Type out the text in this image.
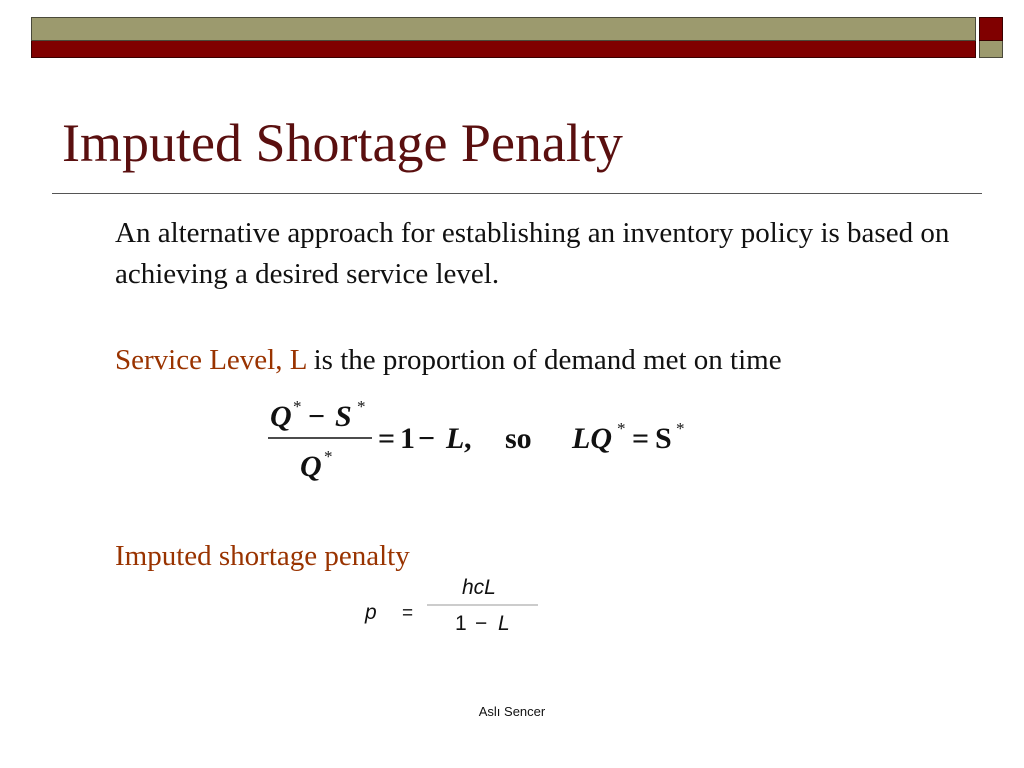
Imputed Shortage Penalty

An alternative approach for establishing an inventory policy is based on achieving a desired service level.

Service Level, L is the proportion of demand met on time

Q * − S *
Q *
= 1 − L , so LQ * = S *

Imputed shortage penalty

p =
hcL
1 − L
Aslı Sencer
